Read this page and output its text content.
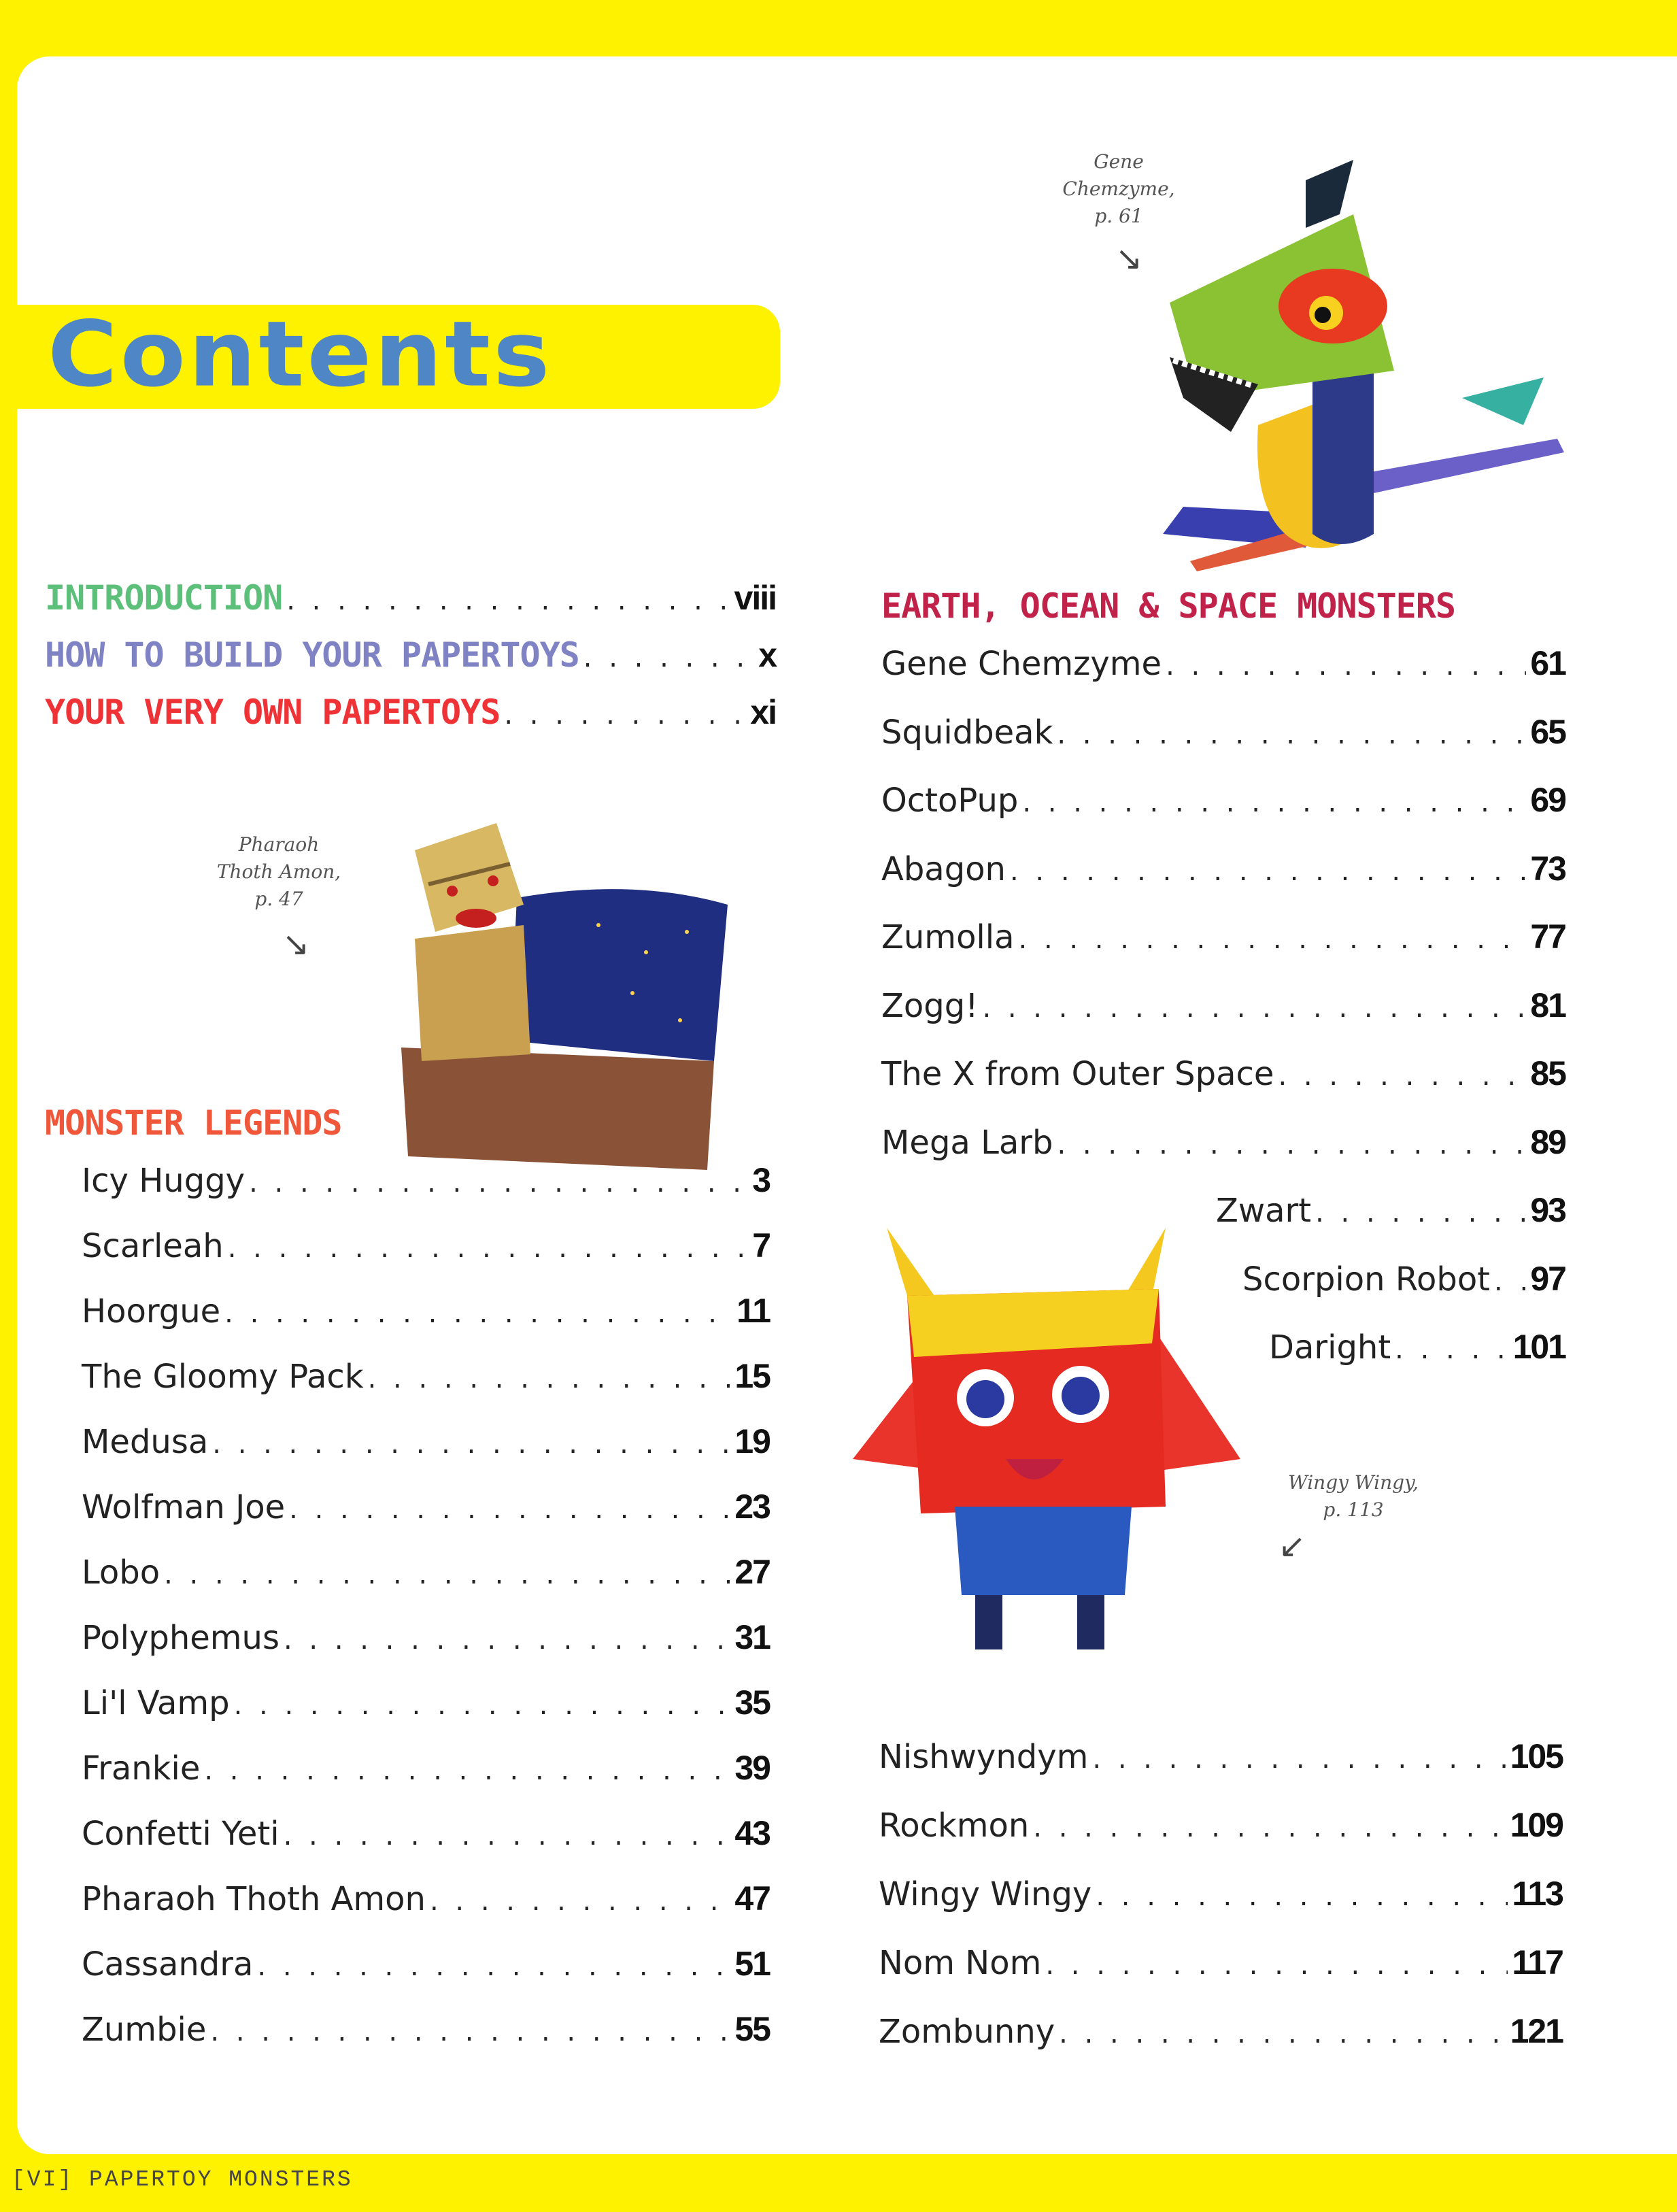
Contents
INTRODUCTION . . .	viii
HOW TO BUILD YOUR PAPERTOYS . . .	x
YOUR VERY OWN PAPERTOYS . . .	xi
MONSTER LEGENDS
EARTH, OCEAN & SPACE MONSTERS
Icy Huggy . . .	3
Scarleah . . .	7
Hoorgue . . .	11
The Gloomy Pack . . .	15
Medusa . . .	19
Wolfman Joe . . .	23
Lobo . . .	27
Polyphemus . . .	31
Li'l Vamp . . .	35
Frankie . . .	39
Confetti Yeti . . .	43
Pharaoh Thoth Amon . . .	47
Cassandra . . .	51
Zumbie . . .	55
Gene Chemzyme . . .	61
Squidbeak . . .	65
OctoPup . . .	69
Abagon . . .	73
Zumolla . . .	77
Zogg! . . .	81
The X from Outer Space . . .	85
Mega Larb . . .	89
Zwart . . .	93
Scorpion Robot . . . 97
Daright . . .	101
Nishwyndym . . .	105
Rockmon . . .	109
Wingy Wingy . . .	113
Nom Nom . . .	117
Zombunny . . .	121
Gene
Chemzyme,
p. 61
↘
Pharaoh
Thoth Amon,
p. 47
↘
Wingy Wingy,
p. 113
↙
[VI] PAPERTOY MONSTERS
